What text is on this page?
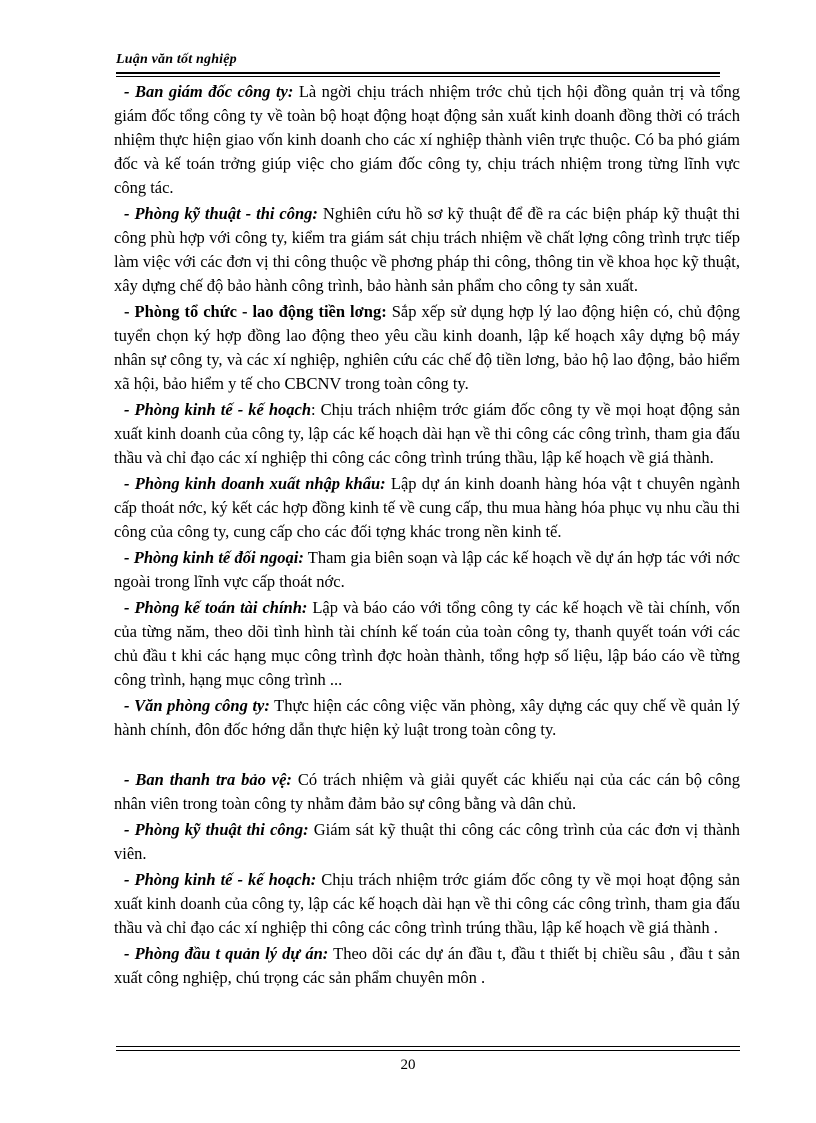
Luận văn tốt nghiệp

- Ban giám đốc công ty: Là ngời chịu trách nhiệm trớc chủ tịch hội đồng quản trị và tổng giám đốc tổng công ty về toàn bộ hoạt động hoạt động sản xuất kinh doanh đồng thời có trách nhiệm thực hiện giao vốn kinh doanh cho các xí nghiệp thành viên trực thuộc. Có ba phó giám đốc và kế toán trởng giúp việc cho giám đốc công ty, chịu trách nhiệm trong từng lĩnh vực công tác.

- Phòng kỹ thuật - thi công: Nghiên cứu hồ sơ kỹ thuật để đề ra các biện pháp kỹ thuật thi công phù hợp với công ty, kiểm tra giám sát chịu trách nhiệm về chất lợng công trình trực tiếp làm việc với các đơn vị thi công thuộc về phơng pháp thi công, thông tin về khoa học kỹ thuật, xây dựng chế độ bảo hành công trình, bảo hành sản phẩm cho công ty sản xuất.

- Phòng tổ chức - lao động tiền lơng: Sắp xếp sử dụng hợp lý lao động hiện có, chủ động tuyển chọn ký hợp đồng lao động theo yêu cầu kinh doanh, lập kế hoạch xây dựng bộ máy nhân sự công ty, và các xí nghiệp, nghiên cứu các chế độ tiền lơng, bảo hộ lao động, bảo hiểm xã hội, bảo hiểm y tế cho CBCNV trong toàn công ty.

- Phòng kinh tế - kế hoạch: Chịu trách nhiệm trớc giám đốc công ty về mọi hoạt động sản xuất kinh doanh của công ty, lập các kế hoạch dài hạn về thi công các công trình, tham gia đấu thầu và chỉ đạo các xí nghiệp thi công các công trình trúng thầu, lập kế hoạch về giá thành.

- Phòng kinh doanh xuất nhập khẩu: Lập dự án kinh doanh hàng hóa vật t chuyên ngành cấp thoát nớc, ký kết các hợp đồng kinh tế về cung cấp, thu mua hàng hóa phục vụ nhu cầu thi công của công ty, cung cấp cho các đối tợng khác trong nền kinh tế.

- Phòng kinh tế đối ngoại: Tham gia biên soạn và lập các kế hoạch về dự án hợp tác với nớc ngoài trong lĩnh vực cấp thoát nớc.

- Phòng kế toán tài chính: Lập và báo cáo với tổng công ty các kế hoạch về tài chính, vốn của từng năm, theo dõi tình hình tài chính kế toán của toàn công ty, thanh quyết toán với các chủ đầu t khi các hạng mục công trình đợc hoàn thành, tổng hợp số liệu, lập báo cáo về từng công trình, hạng mục công trình ...

- Văn phòng công ty: Thực hiện các công việc văn phòng, xây dựng các quy chế về quản lý hành chính, đôn đốc hớng dẫn thực hiện kỷ luật trong toàn công ty.

- Ban thanh tra bảo vệ: Có trách nhiệm và giải quyết các khiếu nại của các cán bộ công nhân viên trong toàn công ty nhằm đảm bảo sự công bằng và dân chủ.

- Phòng kỹ thuật thi công: Giám sát kỹ thuật thi công các công trình của các đơn vị thành viên.

- Phòng kinh tế - kế hoạch: Chịu trách nhiệm trớc giám đốc công ty về mọi hoạt động sản xuất kinh doanh của công ty, lập các kế hoạch dài hạn về thi công các công trình, tham gia đấu thầu và chỉ đạo các xí nghiệp thi công các công trình trúng thầu, lập kế hoạch về giá thành .

- Phòng đầu t quản lý dự án: Theo dõi các dự án đầu t, đầu t thiết bị chiều sâu , đầu t sản xuất công nghiệp, chú trọng các sản phẩm chuyên môn .

20
